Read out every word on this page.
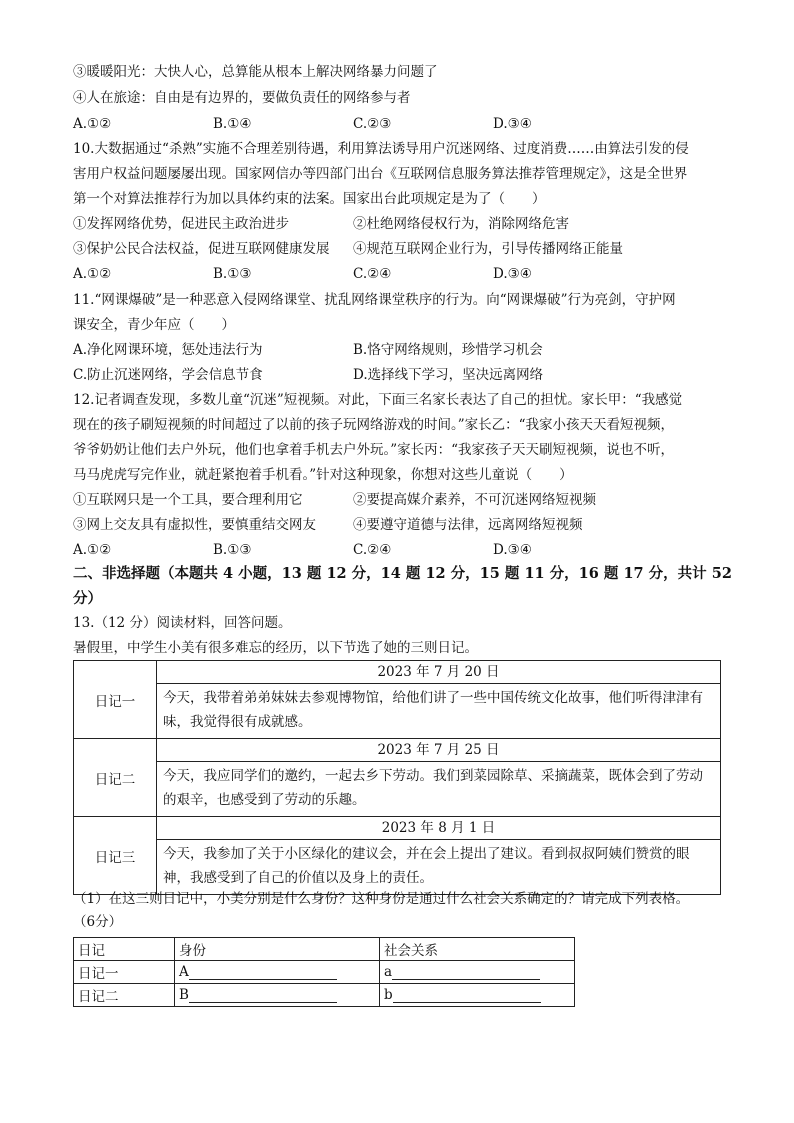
③暖暖阳光：大快人心，总算能从根本上解决网络暴力问题了
④人在旅途：自由是有边界的，要做负责任的网络参与者
A.①②	B.①④	C.②③	D.③④
10.大数据通过“杀熟”实施不合理差别待遇，利用算法诱导用户沉迷网络、过度消费……由算法引发的侵
害用户权益问题屡屡出现。国家网信办等四部门出台《互联网信息服务算法推荐管理规定》，这是全世界
第一个对算法推荐行为加以具体约束的法案。国家出台此项规定是为了（　　）
①发挥网络优势，促进民主政治进步	②杜绝网络侵权行为，消除网络危害
③保护公民合法权益，促进互联网健康发展 ④规范互联网企业行为，引导传播网络正能量
A.①②	B.①③	C.②④	D.③④
11.“网课爆破”是一种恶意入侵网络课堂、扰乱网络课堂秩序的行为。向“网课爆破”行为亮剑，守护网
课安全，青少年应（　　）
A.净化网课环境，惩处违法行为	B.恪守网络规则，珍惜学习机会
C.防止沉迷网络，学会信息节食	D.选择线下学习，坚决远离网络
12.记者调查发现，多数儿童“沉迷”短视频。对此，下面三名家长表达了自己的担忧。家长甲：“我感觉
现在的孩子刷短视频的时间超过了以前的孩子玩网络游戏的时间。”家长乙：“我家小孩天天看短视频，
爷爷奶奶让他们去户外玩，他们也拿着手机去户外玩。”家长丙：“我家孩子天天刷短视频，说也不听，
马马虎虎写完作业，就赶紧抱着手机看。”针对这种现象，你想对这些儿童说（　　）
①互联网只是一个工具，要合理利用它	②要提高媒介素养，不可沉迷网络短视频
③网上交友具有虚拟性，要慎重结交网友	④要遵守道德与法律，远离网络短视频
A.①②	B.①③	C.②④	D.③④
二、非选择题（本题共 4 小题，13 题 12 分，14 题 12 分，15 题 11 分，16 题 17 分，共计 52
分）
13.（12 分）阅读材料，回答问题。
暑假里，中学生小美有很多难忘的经历，以下节选了她的三则日记。
日记一	2023 年 7 月 20 日
今天，我带着弟弟妹妹去参观博物馆，给他们讲了一些中国传统文化故事，他们听得津津有味，我觉得很有成就感。

日记二	2023 年 7 月 25 日
今天，我应同学们的邀约，一起去乡下劳动。我们到菜园除草、采摘蔬菜，既体会到了劳动的艰辛，也感受到了劳动的乐趣。

日记三	2023 年 8 月 1 日
今天，我参加了关于小区绿化的建议会，并在会上提出了建议。看到叔叔阿姨们赞赏的眼神，我感受到了自己的价值以及身上的责任。
（1）在这三则日记中，小美分别是什么身份？这种身份是通过什么社会关系确定的？请完成下列表格。
（6分）
日记	身份	社会关系
日记一	A	a
日记二	B	b
